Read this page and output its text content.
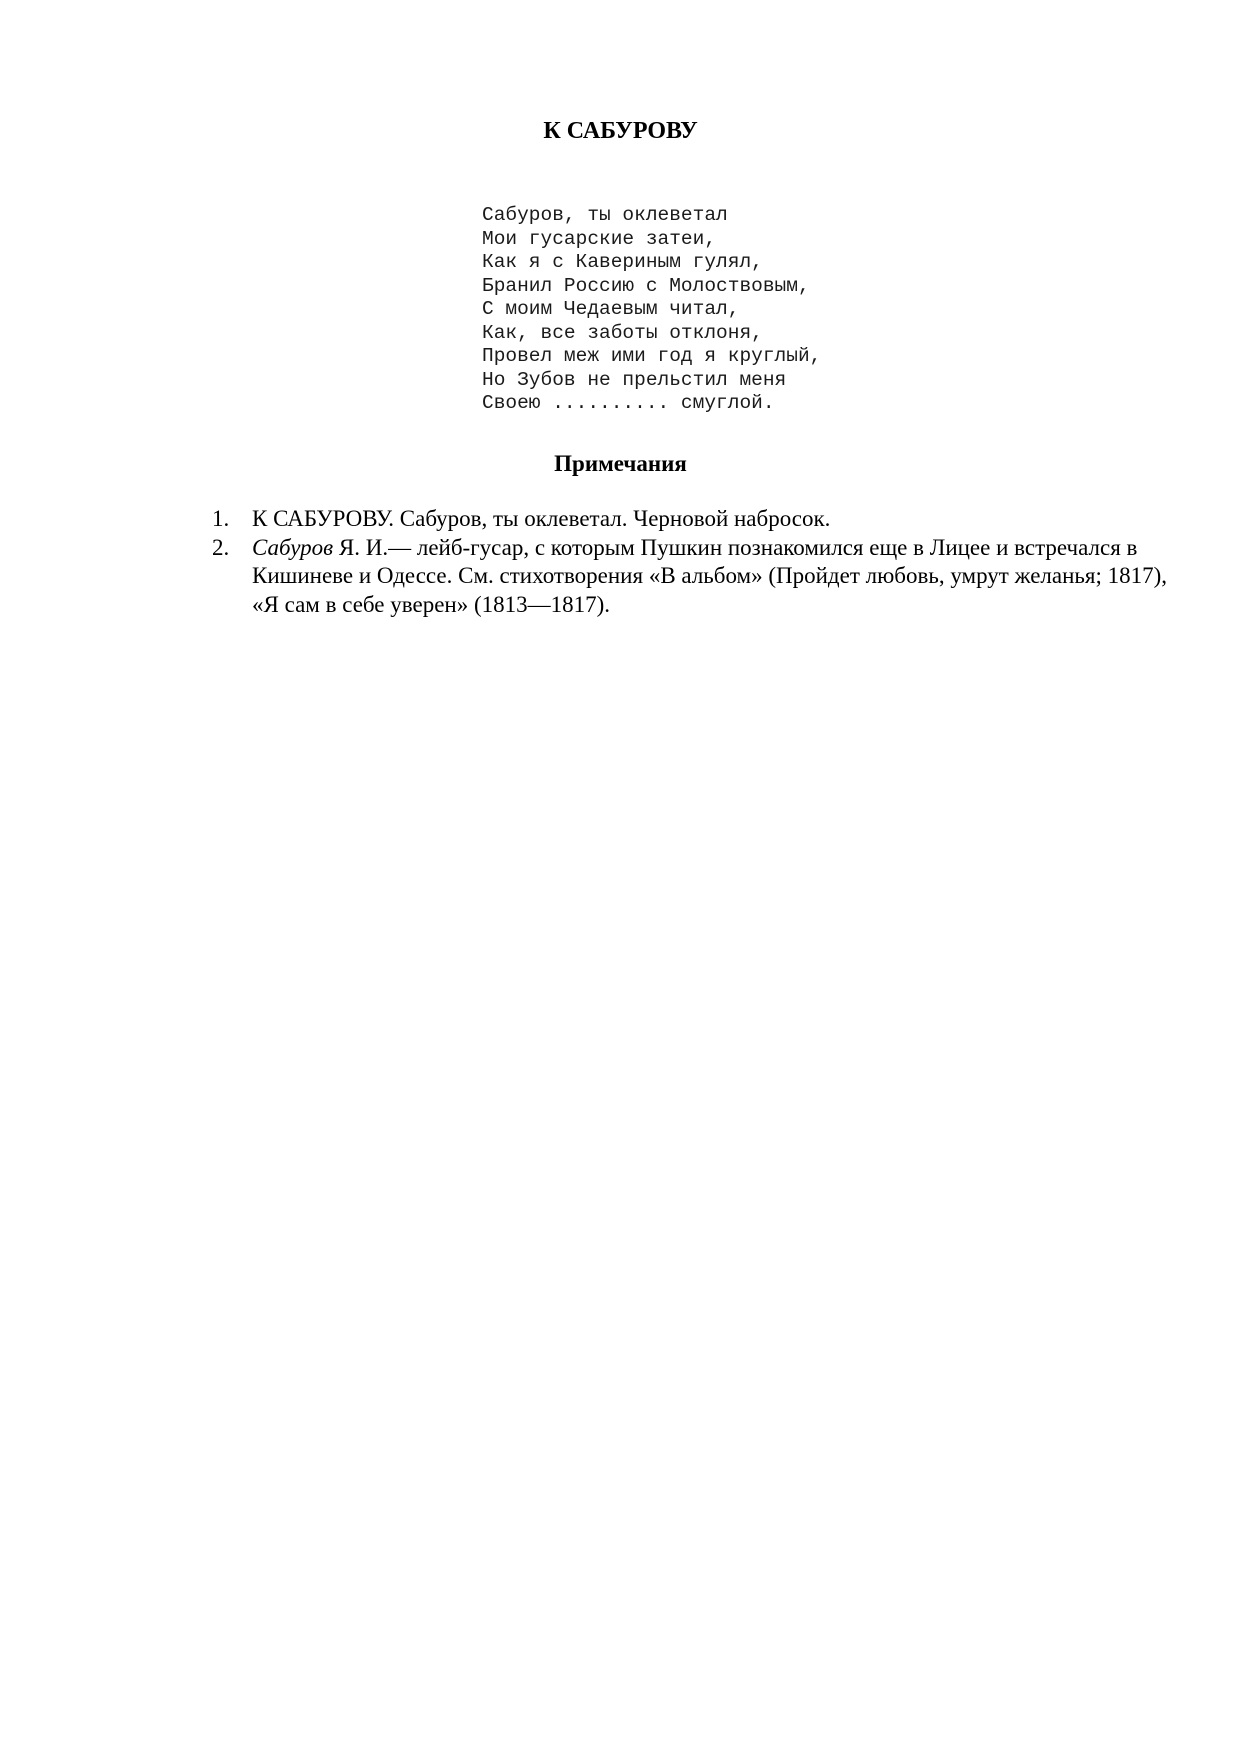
К САБУРОВУ
Сабуров, ты оклеветал
Мои гусарские затеи,
Как я с Кавериным гулял,
Бранил Россию с Молоствовым,
С моим Чедаевым читал,
Как, все заботы отклоня,
Провел меж ими год я круглый,
Но Зубов не прельстил меня
Своею .......... смуглой.
Примечания
1. К САБУРОВУ. Сабуров, ты оклеветал. Черновой набросок.
2. Сабуров Я. И.— лейб-гусар, с которым Пушкин познакомился еще в Лицее и встречался в Кишиневе и Одессе. См. стихотворения «В альбом» (Пройдет любовь, умрут желанья; 1817), «Я сам в себе уверен» (1813—1817).
